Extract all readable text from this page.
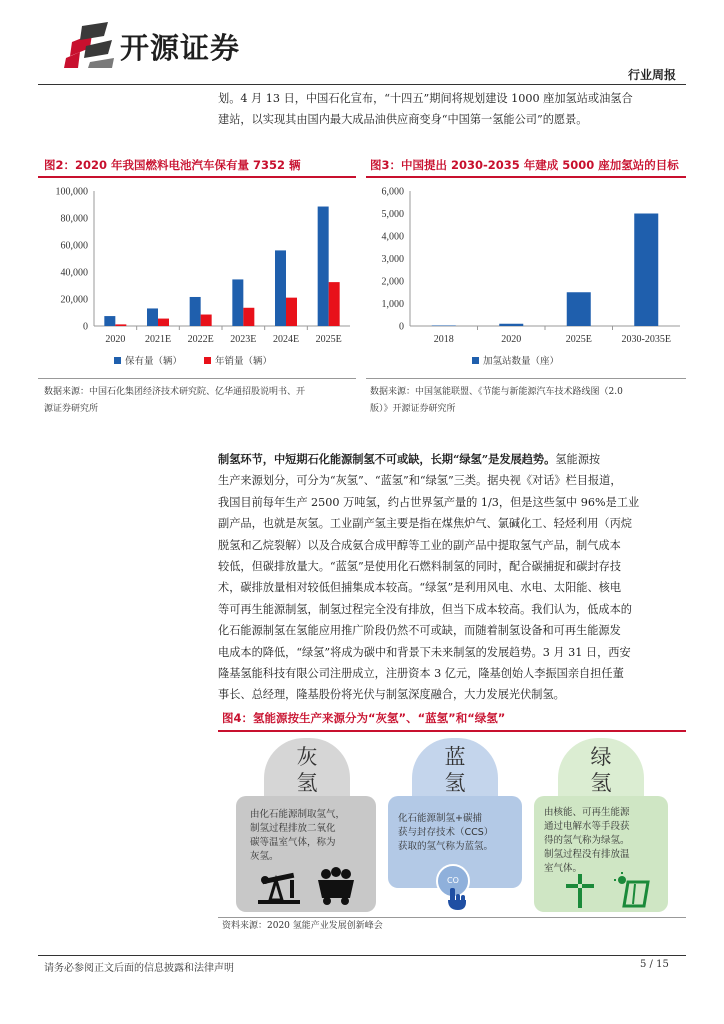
开源证券
行业周报
划。4 月 13 日，中国石化宣布，“十四五”期间将规划建设 1000 座加氢站或油氢合
建站，以实现其由国内最大成品油供应商变身“中国第一氢能公司”的愿景。
图2：2020 年我国燃料电池汽车保有量 7352 辆
0
20,000
40,000
60,000
80,000
100,000
2020 2021E 2022E 2023E 2024E 2025E
保有量（辆）	年销量（辆）
数据来源：中国石化集团经济技术研究院、亿华通招股说明书、开
源证券研究所
图3：中国提出 2030-2035 年建成 5000 座加氢站的目标
0
1,000
2,000
3,000
4,000
5,000
6,000
2018	2020	2025E	2030-2035E
加氢站数量（座）
数据来源：中国氢能联盟、《节能与新能源汽车技术路线图（2.0
版）》开源证券研究所
制氢环节，中短期石化能源制氢不可或缺，长期“绿氢”是发展趋势。氢能源按
生产来源划分，可分为“灰氢”、“蓝氢”和“绿氢”三类。据央视《对话》栏目报道，
我国目前每年生产 2500 万吨氢，约占世界氢产量的 1/3，但是这些氢中 96%是工业
副产品，也就是灰氢。工业副产氢主要是指在煤焦炉气、氯碱化工、轻烃利用（丙烷
脱氢和乙烷裂解）以及合成氨合成甲醇等工业的副产品中提取氢气产品，制气成本
较低，但碳排放量大。“蓝氢”是使用化石燃料制氢的同时，配合碳捕捉和碳封存技
术，碳排放量相对较低但捕集成本较高。“绿氢”是利用风电、水电、太阳能、核电
等可再生能源制氢，制氢过程完全没有排放，但当下成本较高。我们认为，低成本的
化石能源制氢在氢能应用推广阶段仍然不可或缺，而随着制氢设备和可再生能源发
电成本的降低，“绿氢”将成为碳中和背景下未来制氢的发展趋势。3 月 31 日，西安
隆基氢能科技有限公司注册成立，注册资本 3 亿元，隆基创始人李振国亲自担任董
事长、总经理，隆基股份将光伏与制氢深度融合，大力发展光伏制氢。
图4：氢能源按生产来源分为“灰氢”、“蓝氢”和“绿氢”
灰
氢
由化石能源制取氢气，
制氢过程排放二氧化
碳等温室气体，称为
灰氢。
蓝
氢
化石能源制氢+碳捕
获与封存技术（CCS）
获取的氢气称为蓝氢。
CO
绿
氢
由核能、可再生能源
通过电解水等手段获
得的氢气称为绿氢。
制氢过程没有排放温
室气体。
资料来源：2020 氢能产业发展创新峰会
请务必参阅正文后面的信息披露和法律声明	5 / 15
